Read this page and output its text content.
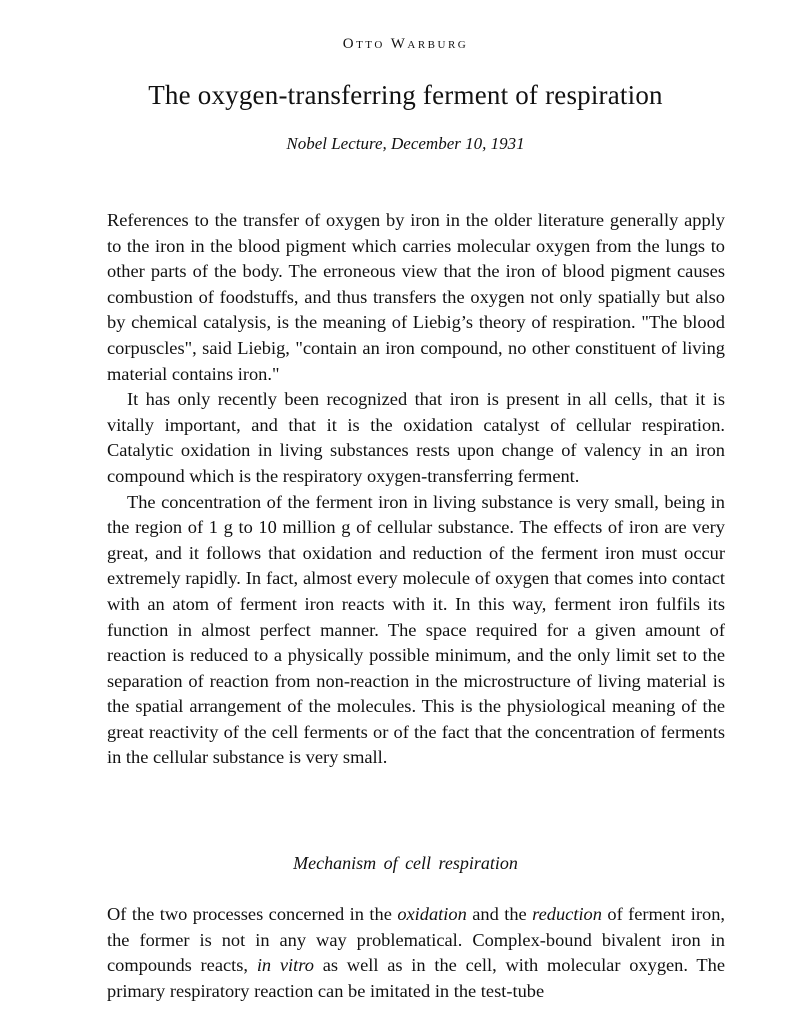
Otto Warburg
The oxygen-transferring ferment of respiration
Nobel Lecture, December 10, 1931

References to the transfer of oxygen by iron in the older literature generally apply to the iron in the blood pigment which carries molecular oxygen from the lungs to other parts of the body. The erroneous view that the iron of blood pigment causes combustion of foodstuffs, and thus transfers the oxygen not only spatially but also by chemical catalysis, is the meaning of Liebig’s theory of respiration. "The blood corpuscles", said Liebig, "contain an iron compound, no other constituent of living material contains iron."

It has only recently been recognized that iron is present in all cells, that it is vitally important, and that it is the oxidation catalyst of cellular respiration. Catalytic oxidation in living substances rests upon change of valency in an iron compound which is the respiratory oxygen-transferring ferment.

The concentration of the ferment iron in living substance is very small, being in the region of 1 g to 10 million g of cellular substance. The effects of iron are very great, and it follows that oxidation and reduction of the ferment iron must occur extremely rapidly. In fact, almost every molecule of oxygen that comes into contact with an atom of ferment iron reacts with it. In this way, ferment iron fulfils its function in almost perfect manner. The space required for a given amount of reaction is reduced to a physically possible minimum, and the only limit set to the separation of reaction from non-reaction in the microstructure of living material is the spatial arrangement of the molecules. This is the physiological meaning of the great reactivity of the cell ferments or of the fact that the concentration of ferments in the cellular substance is very small.

Mechanism of cell respiration

Of the two processes concerned in the oxidation and the reduction of ferment iron, the former is not in any way problematical. Complex-bound bivalent iron in compounds reacts, in vitro as well as in the cell, with molecular oxygen. The primary respiratory reaction can be imitated in the test-tube
